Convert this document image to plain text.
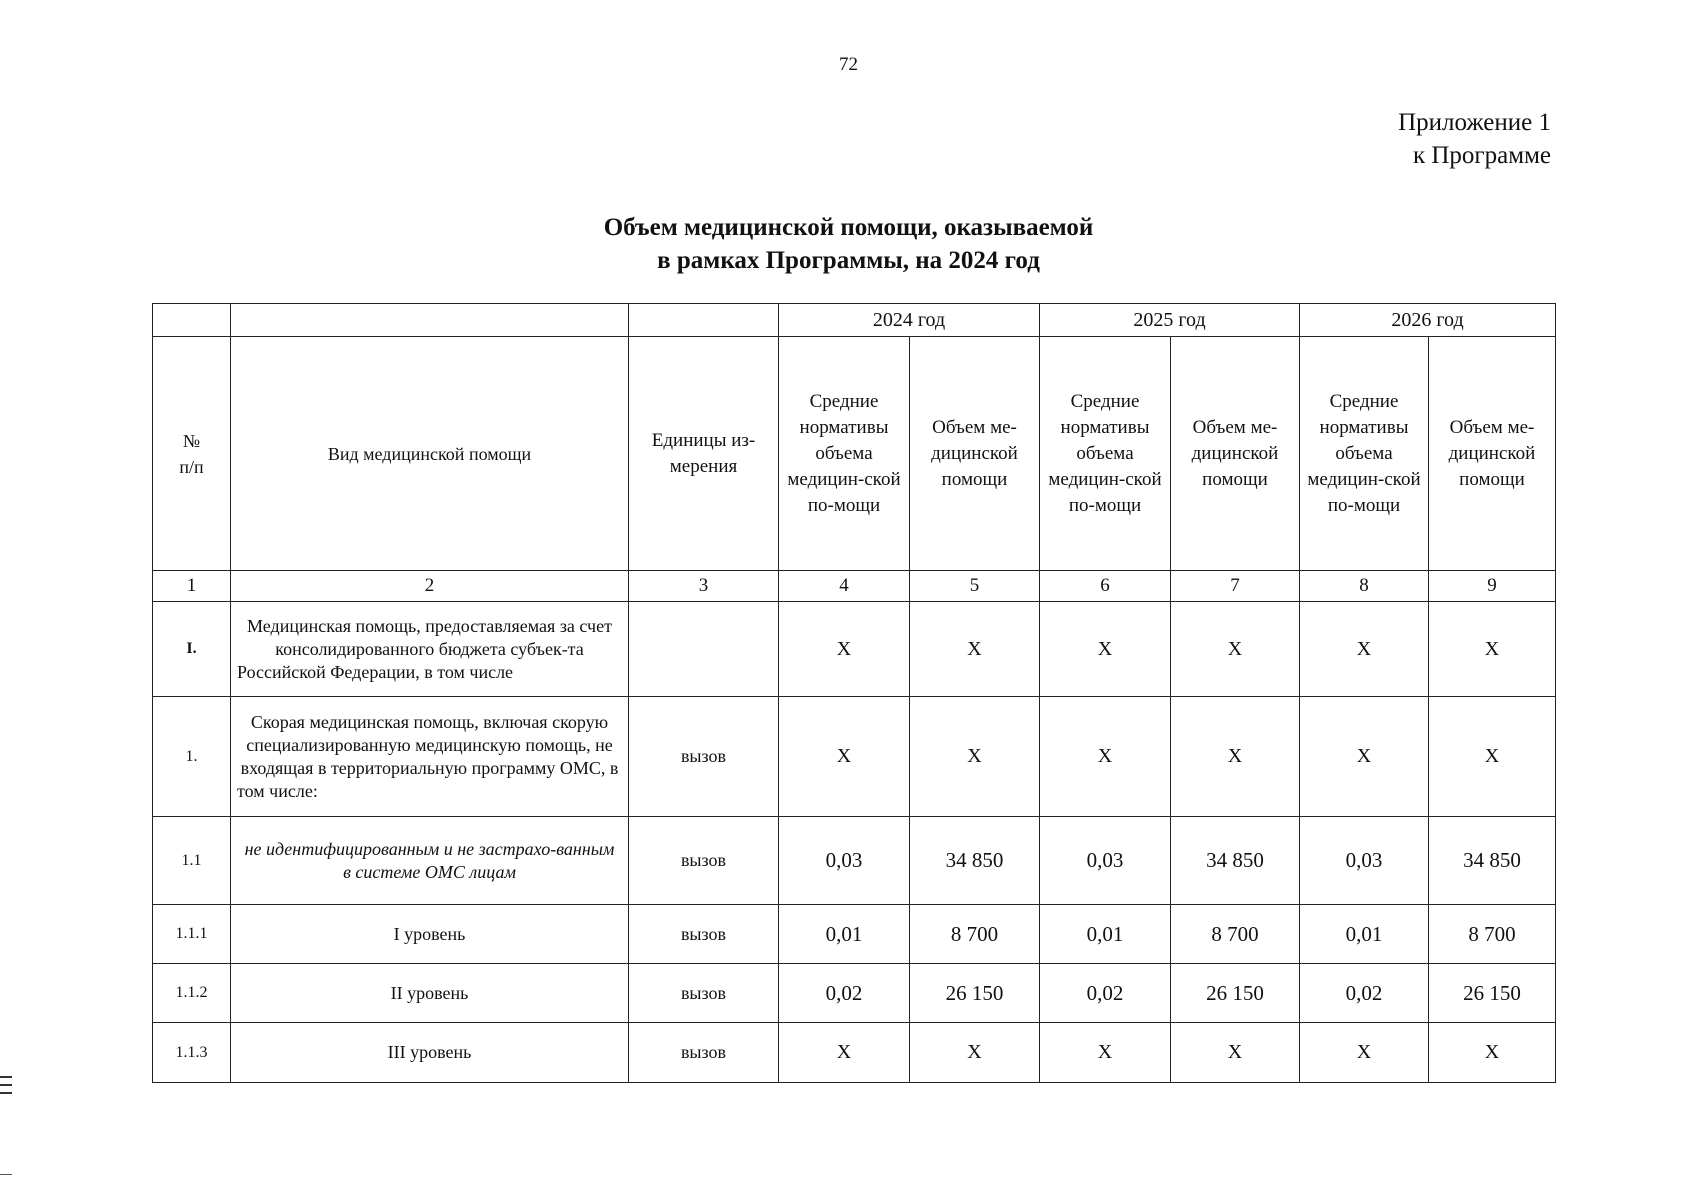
72
Приложение 1
к Программе
Объем медицинской помощи, оказываемой
в рамках Программы, на 2024 год
			2024 год		2025 год		2026 год	
№ п/п	Вид медицинской помощи	Единицы из-мерения	Средние нормативы объема медицин-ской по-мощи	Объем ме-дицинской помощи	Средние нормативы объема медицин-ской по-мощи	Объем ме-дицинской помощи	Средние нормативы объема медицин-ской по-мощи	Объем ме-дицинской помощи
1	2	3	4	5	6	7	8	9
I.	Медицинская помощь, предоставляемая за счет консолидированного бюджета субъек-та Российской Федерации, в том числе		Х	Х	Х	Х	Х	Х
1.	Скорая медицинская помощь, включая скорую специализированную медицинскую помощь, не входящая в территориальную программу ОМС, в том числе:	вызов	Х	Х	Х	Х	Х	Х
1.1	не идентифицированным и не застрахо-ванным    в системе ОМС лицам	вызов	0,03	34 850	0,03	34 850	0,03	34 850
1.1.1	I уровень	вызов	0,01	8 700	0,01	8 700	0,01	8 700
1.1.2	II уровень	вызов	0,02	26 150	0,02	26 150	0,02	26 150
1.1.3	III уровень	вызов	Х	Х	Х	Х	Х	Х
